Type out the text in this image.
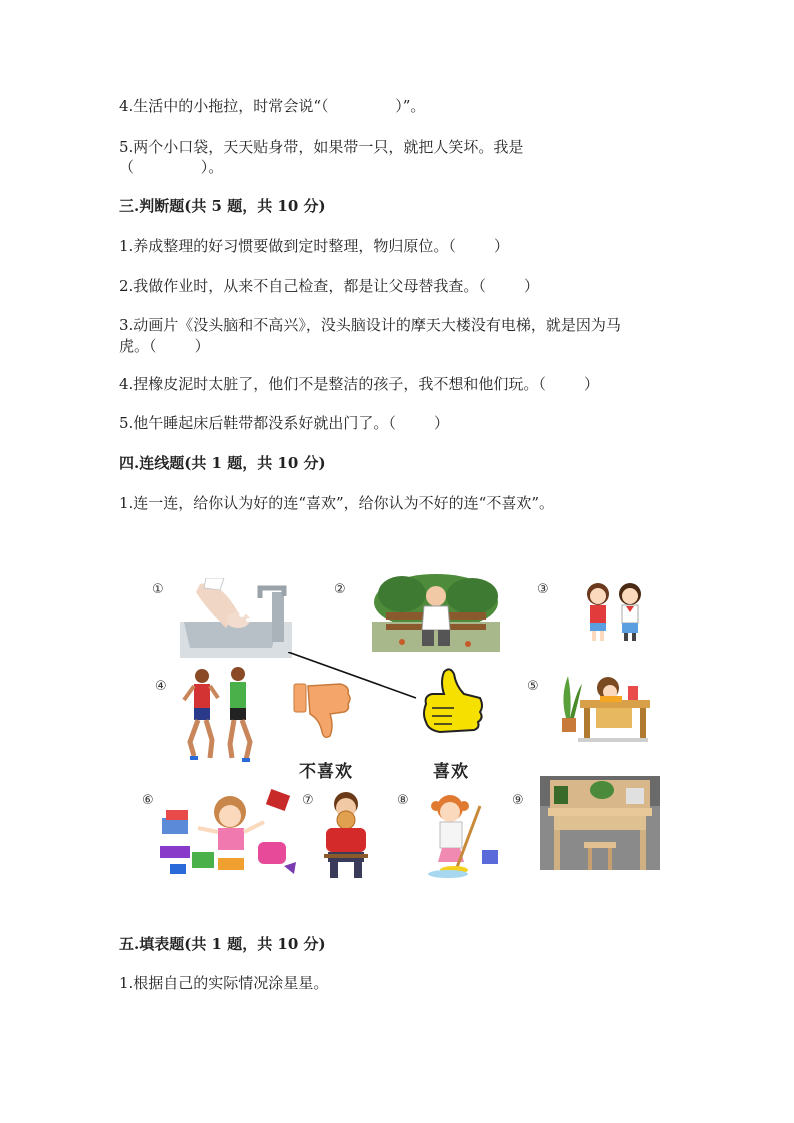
4.生活中的小拖拉，时常会说“（              ）”。
5.两个小口袋，天天贴身带，如果带一只，就把人笑坏。我是
（              ）。
三.判断题(共 5 题，共 10 分)
1.养成整理的好习惯要做到定时整理，物归原位。（        ）
2.我做作业时，从来不自己检查，都是让父母替我查。（        ）
3.动画片《没头脑和不高兴》，没头脑设计的摩天大楼没有电梯，就是因为马
虎。（        ）
4.捏橡皮泥时太脏了，他们不是整洁的孩子，我不想和他们玩。（        ）
5.他午睡起床后鞋带都没系好就出门了。（        ）
四.连线题(共 1 题，共 10 分)
1.连一连，给你认为好的连“喜欢”，给你认为不好的连“不喜欢”。
①	②	③
④	⑤
⑥	⑦	⑧	⑨
不喜欢	喜欢
五.填表题(共 1 题，共 10 分)
1.根据自己的实际情况涂星星。
